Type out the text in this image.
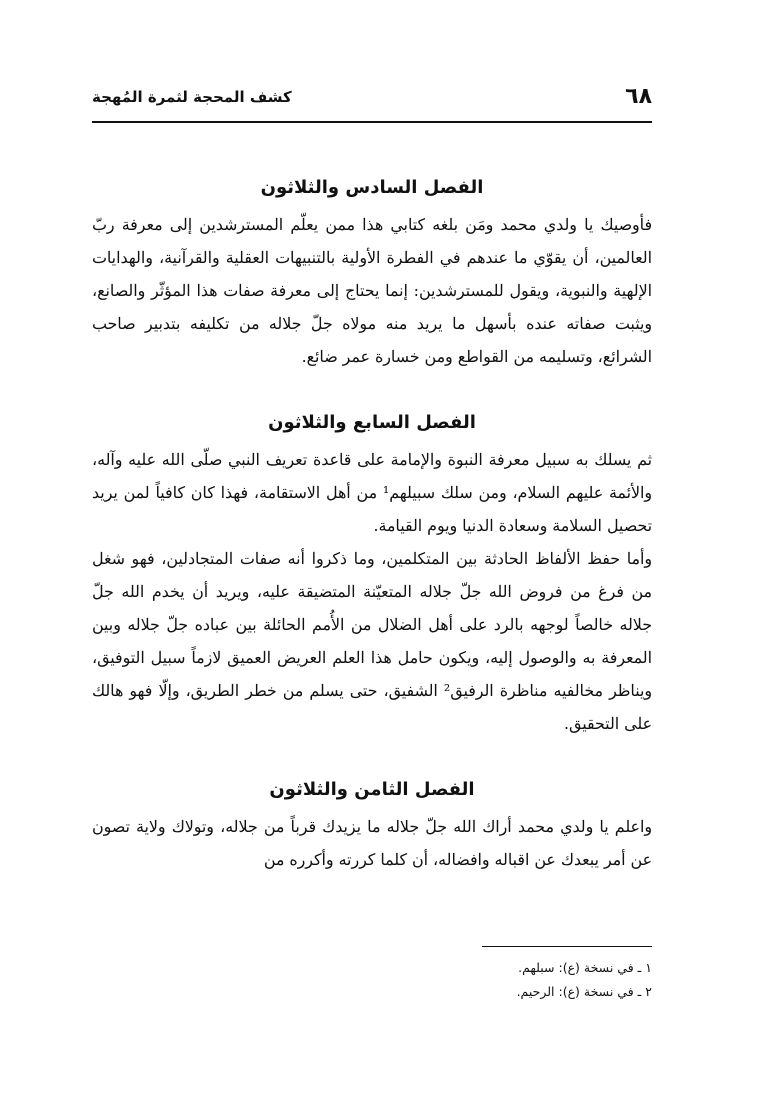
٦٨
كشف المحجة لثمرة المُهجة
الفصل السادس والثلاثون

فأوصيك يا ولدي محمد ومَن بلغه كتابي هذا ممن يعلّم المسترشدين إلى معرفة ربّ العالمين، أن يقوّي ما عندهم في الفطرة الأولية بالتنبيهات العقلية والقرآنية، والهدايات الإلهية والنبوية، ويقول للمسترشدين: إنما يحتاج إلى معرفة صفات هذا المؤثّر والصانع، ويثبت صفاته عنده بأسهل ما يريد منه مولاه جلّ جلاله من تكليفه بتدبير صاحب الشرائع، وتسليمه من القواطع ومن خسارة عمر ضائع.

الفصل السابع والثلاثون

ثم يسلك به سبيل معرفة النبوة والإمامة على قاعدة تعريف النبي صلّى الله عليه وآله، والأئمة عليهم السلام، ومن سلك سبيلهم¹ من أهل الاستقامة، فهذا كان كافياً لمن يريد تحصيل السلامة وسعادة الدنيا ويوم القيامة.

وأما حفظ الألفاظ الحادثة بين المتكلمين، وما ذكروا أنه صفات المتجادلين، فهو شغل من فرغ من فروض الله جلّ جلاله المتعيّنة المتضيقة عليه، ويريد أن يخدم الله جلّ جلاله خالصاً لوجهه بالرد على أهل الضلال من الأُمم الحائلة بين عباده جلّ جلاله وبين المعرفة به والوصول إليه، ويكون حامل هذا العلم العريض العميق لازماً سبيل التوفيق، ويناظر مخالفيه مناظرة الرفيق² الشفيق، حتى يسلم من خطر الطريق، وإلّا فهو هالك على التحقيق.

الفصل الثامن والثلاثون

واعلم يا ولدي محمد أراك الله جلّ جلاله ما يزيدك قرباً من جلاله، وتولاك ولاية تصون عن أمر يبعدك عن اقباله وافضاله، أن كلما كررته وأكرره من

١ ـ في نسخة (ع): سبلهم.
٢ ـ في نسخة (ع): الرحيم.
